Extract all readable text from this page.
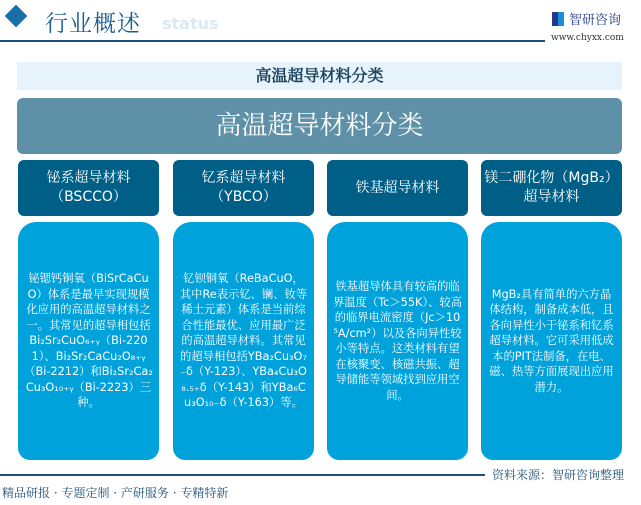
status
行业概述	智研咨询
www.chyxx.com
高温超导材料分类
高温超导材料分类
铋系超导材料
（BSCCO）
钇系超导材料
（YBCO）
铁基超导材料
镁二硼化物（MgB₂）
超导材料
铋锶钙铜氧（BiSrCaCuO）体系是最早实现规模化应用的高温超导材料之一。其常见的超导相包括Bi₂Sr₂CuO₆₊ᵧ（Bi-2201）、Bi₂Sr₂CaCu₂O₈₊ᵧ（Bi-2212）和Bi₂Sr₂Ca₂Cu₃O₁₀₊ᵧ（Bi-2223）三种。
钇钡铜氧（ReBaCuO，其中Re表示钇、镧、钕等稀土元素）体系是当前综合性能最优、应用最广泛的高温超导材料。其常见的超导相包括YBa₂Cu₃O₇₋δ（Y-123）、YBa₄Cu₃O₈.₅₊δ（Y-143）和YBa₆Cu₃O₁₀₋δ（Y-163）等。
铁基超导体具有较高的临界温度（Tc＞55K）、较高的临界电流密度（Jc＞10⁵A/cm²）以及各向异性较小等特点。这类材料有望在核聚变、核磁共振、超导储能等领域找到应用空间。
MgB₂具有简单的六方晶体结构，制备成本低，且各向异性小于铋系和钇系超导材料。它可采用低成本的PIT法制备，在电、磁、热等方面展现出应用潜力。
资料来源：智研咨询整理
精品研报 · 专题定制 · 产研服务 · 专精特新
